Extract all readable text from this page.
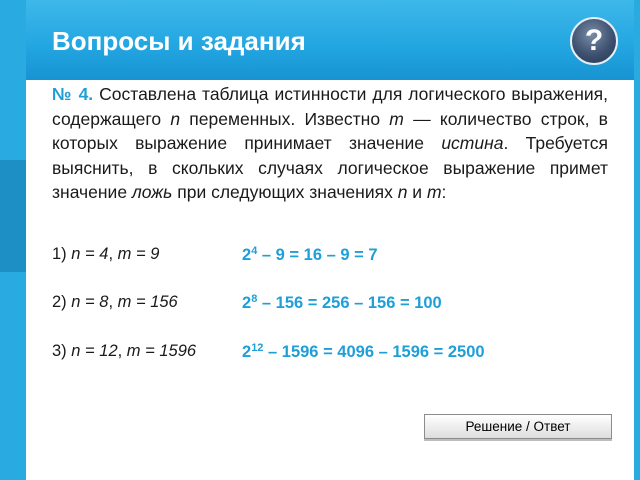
Вопросы и задания	?

№ 4. Составлена таблица истинности для логического выражения, содержащего n переменных. Известно m — количество строк, в которых выражение принимает значение истина. Требуется выяснить, в скольких случаях логическое выражение примет значение ложь при следующих значениях n и m:

1) n = 4, m = 9	$2^4 - 9 = 16 - 9 = 7$
2) n = 8, m = 156	$2^8 - 156 = 256 - 156 = 100$
3) n = 12, m = 1596	$2^{12} - 1596 = 4096 - 1596 = 2500$
Решение / Ответ
